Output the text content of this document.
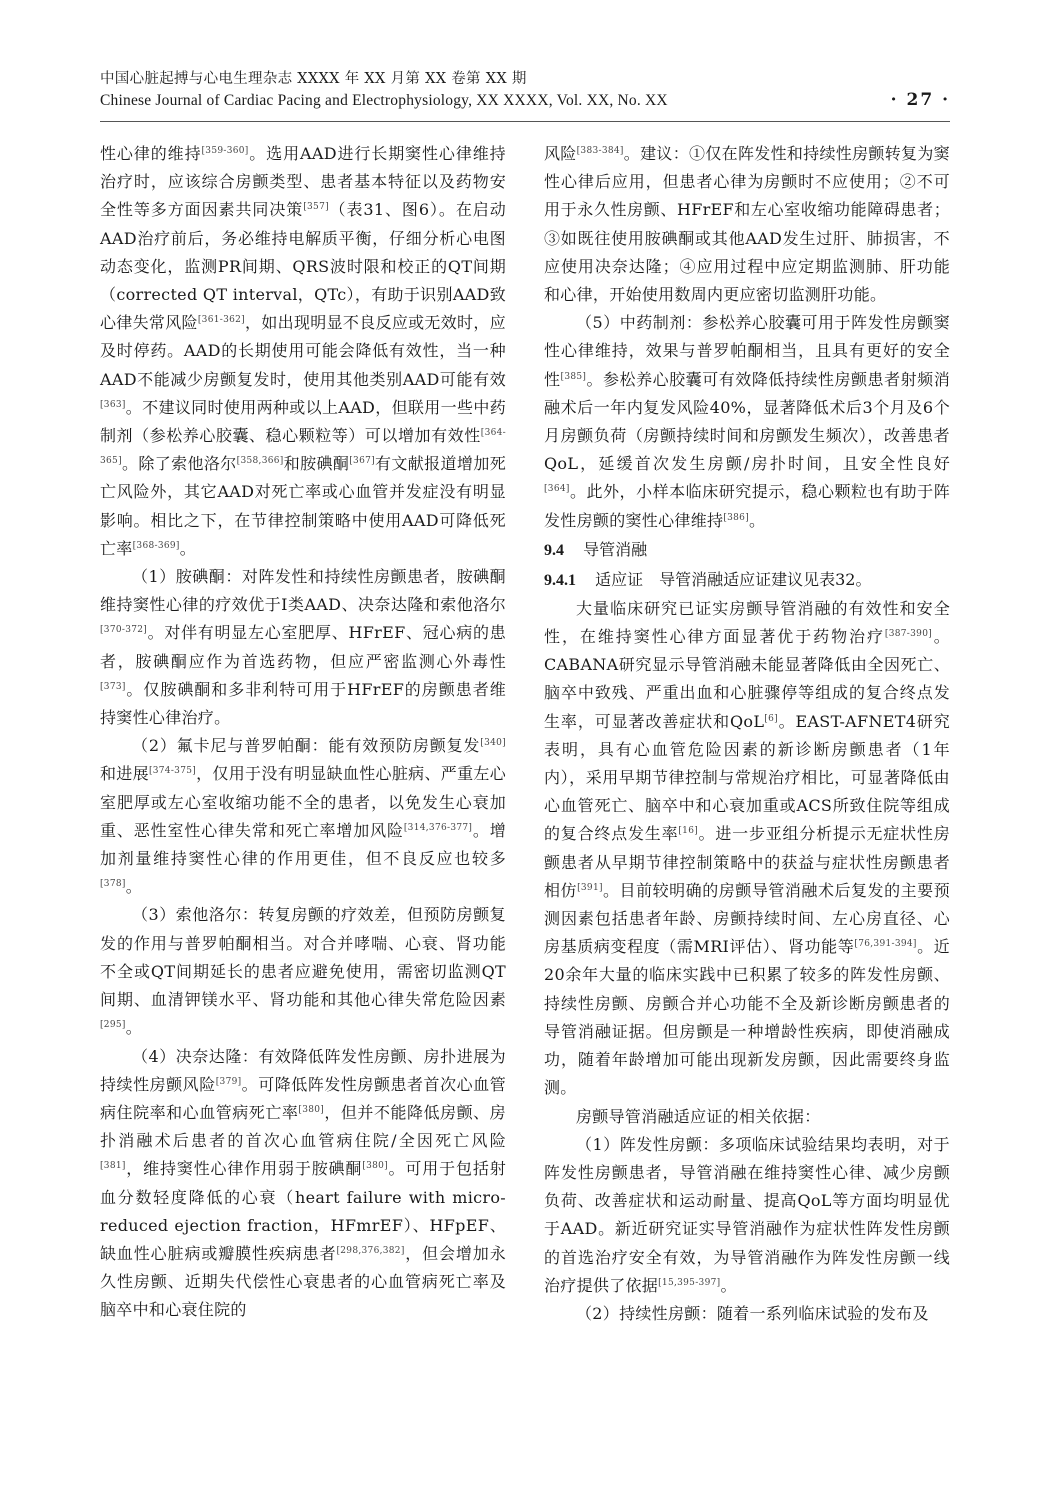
中国心脏起搏与心电生理杂志 XXXX 年 XX 月第 XX 卷第 XX 期
Chinese Journal of Cardiac Pacing and Electrophysiology, XX XXXX, Vol. XX, No. XX	· 27 ·

性心律的维持[359-360]。选用AAD进行长期窦性心律维持治疗时，应该综合房颤类型、患者基本特征以及药物安全性等多方面因素共同决策[357]（表31、图6）。在启动AAD治疗前后，务必维持电解质平衡，仔细分析心电图动态变化，监测PR间期、QRS波时限和校正的QT间期（corrected QT interval，QTc），有助于识别AAD致心律失常风险[361-362]，如出现明显不良反应或无效时，应及时停药。AAD的长期使用可能会降低有效性，当一种AAD不能减少房颤复发时，使用其他类别AAD可能有效[363]。不建议同时使用两种或以上AAD，但联用一些中药制剂（参松养心胶囊、稳心颗粒等）可以增加有效性[364-365]。除了索他洛尔[358,366]和胺碘酮[367]有文献报道增加死亡风险外，其它AAD对死亡率或心血管并发症没有明显影响。相比之下，在节律控制策略中使用AAD可降低死亡率[368-369]。

（1）胺碘酮：对阵发性和持续性房颤患者，胺碘酮维持窦性心律的疗效优于Ⅰ类AAD、决奈达隆和索他洛尔[370-372]。对伴有明显左心室肥厚、HFrEF、冠心病的患者，胺碘酮应作为首选药物，但应严密监测心外毒性[373]。仅胺碘酮和多非利特可用于HFrEF的房颤患者维持窦性心律治疗。

（2）氟卡尼与普罗帕酮：能有效预防房颤复发[340]和进展[374-375]，仅用于没有明显缺血性心脏病、严重左心室肥厚或左心室收缩功能不全的患者，以免发生心衰加重、恶性室性心律失常和死亡率增加风险[314,376-377]。增加剂量维持窦性心律的作用更佳，但不良反应也较多[378]。

（3）索他洛尔：转复房颤的疗效差，但预防房颤复发的作用与普罗帕酮相当。对合并哮喘、心衰、肾功能不全或QT间期延长的患者应避免使用，需密切监测QT间期、血清钾镁水平、肾功能和其他心律失常危险因素[295]。

（4）决奈达隆：有效降低阵发性房颤、房扑进展为持续性房颤风险[379]。可降低阵发性房颤患者首次心血管病住院率和心血管病死亡率[380]，但并不能降低房颤、房扑消融术后患者的首次心血管病住院/全因死亡风险[381]，维持窦性心律作用弱于胺碘酮[380]。可用于包括射血分数轻度降低的心衰（heart failure with micro-reduced ejection fraction，HFmrEF）、HFpEF、缺血性心脏病或瓣膜性疾病患者[298,376,382]，但会增加永久性房颤、近期失代偿性心衰患者的心血管病死亡率及脑卒中和心衰住院的

风险[383-384]。建议：①仅在阵发性和持续性房颤转复为窦性心律后应用，但患者心律为房颤时不应使用；②不可用于永久性房颤、HFrEF和左心室收缩功能障碍患者；③如既往使用胺碘酮或其他AAD发生过肝、肺损害，不应使用决奈达隆；④应用过程中应定期监测肺、肝功能和心律，开始使用数周内更应密切监测肝功能。

（5）中药制剂：参松养心胶囊可用于阵发性房颤窦性心律维持，效果与普罗帕酮相当，且具有更好的安全性[385]。参松养心胶囊可有效降低持续性房颤患者射频消融术后一年内复发风险40%，显著降低术后3个月及6个月房颤负荷（房颤持续时间和房颤发生频次），改善患者QoL，延缓首次发生房颤/房扑时间，且安全性良好[364]。此外，小样本临床研究提示，稳心颗粒也有助于阵发性房颤的窦性心律维持[386]。

9.4 导管消融
9.4.1 适应证　导管消融适应证建议见表32。

大量临床研究已证实房颤导管消融的有效性和安全性，在维持窦性心律方面显著优于药物治疗[387-390]。CABANA研究显示导管消融未能显著降低由全因死亡、脑卒中致残、严重出血和心脏骤停等组成的复合终点发生率，可显著改善症状和QoL[6]。EAST-AFNET4研究表明，具有心血管危险因素的新诊断房颤患者（1年内），采用早期节律控制与常规治疗相比，可显著降低由心血管死亡、脑卒中和心衰加重或ACS所致住院等组成的复合终点发生率[16]。进一步亚组分析提示无症状性房颤患者从早期节律控制策略中的获益与症状性房颤患者相仿[391]。目前较明确的房颤导管消融术后复发的主要预测因素包括患者年龄、房颤持续时间、左心房直径、心房基质病变程度（需MRI评估）、肾功能等[76,391-394]。近20余年大量的临床实践中已积累了较多的阵发性房颤、持续性房颤、房颤合并心功能不全及新诊断房颤患者的导管消融证据。但房颤是一种增龄性疾病，即使消融成功，随着年龄增加可能出现新发房颤，因此需要终身监测。

房颤导管消融适应证的相关依据：

（1）阵发性房颤：多项临床试验结果均表明，对于阵发性房颤患者，导管消融在维持窦性心律、减少房颤负荷、改善症状和运动耐量、提高QoL等方面均明显优于AAD。新近研究证实导管消融作为症状性阵发性房颤的首选治疗安全有效，为导管消融作为阵发性房颤一线治疗提供了依据[15,395-397]。

（2）持续性房颤：随着一系列临床试验的发布及
